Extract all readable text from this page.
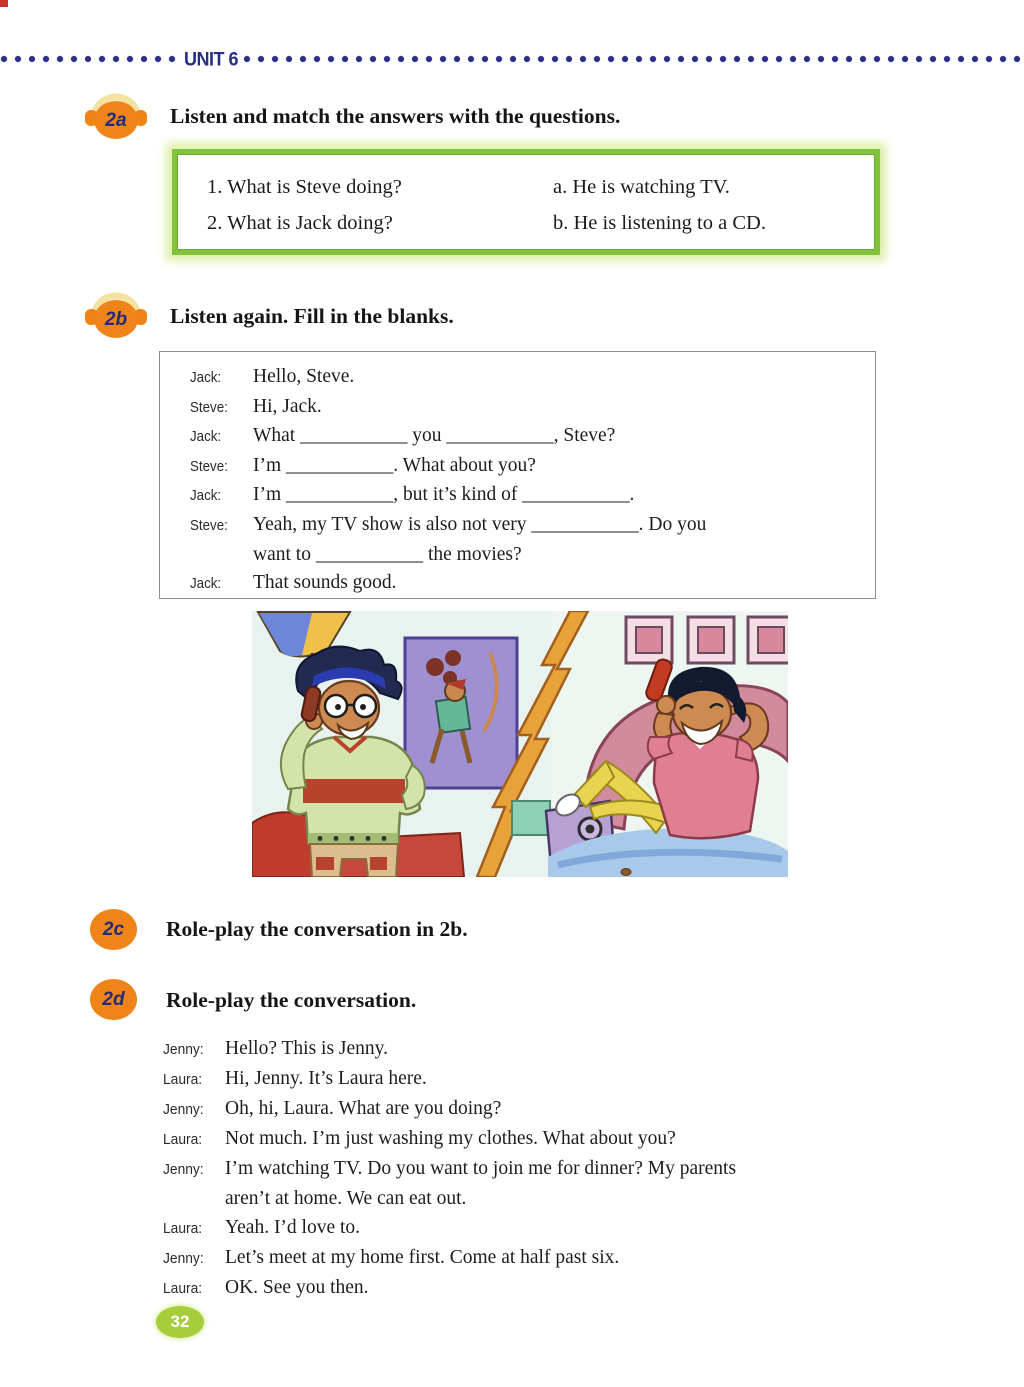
UNIT 6
2a Listen and match the answers with the questions.
1. What is Steve doing?	a. He is watching TV.
2. What is Jack doing?	b. He is listening to a CD.
2b Listen again. Fill in the blanks.
Jack:	Hello, Steve.
Steve:	Hi, Jack.
Jack:	What ___________ you ___________, Steve?
Steve:	I’m ___________. What about you?
Jack:	I’m ___________, but it’s kind of ___________.
Steve:	Yeah, my TV show is also not very ___________. Do you
want to ___________ the movies?
Jack:	That sounds good.
2c Role-play the conversation in 2b.
2d Role-play the conversation.
Jenny:	Hello? This is Jenny.
Laura:	Hi, Jenny. It’s Laura here.
Jenny:	Oh, hi, Laura. What are you doing?
Laura:	Not much. I’m just washing my clothes. What about you?
Jenny:	I’m watching TV. Do you want to join me for dinner? My parents
aren’t at home. We can eat out.
Laura:	Yeah. I’d love to.
Jenny:	Let’s meet at my home first. Come at half past six.
Laura:	OK. See you then.
32
